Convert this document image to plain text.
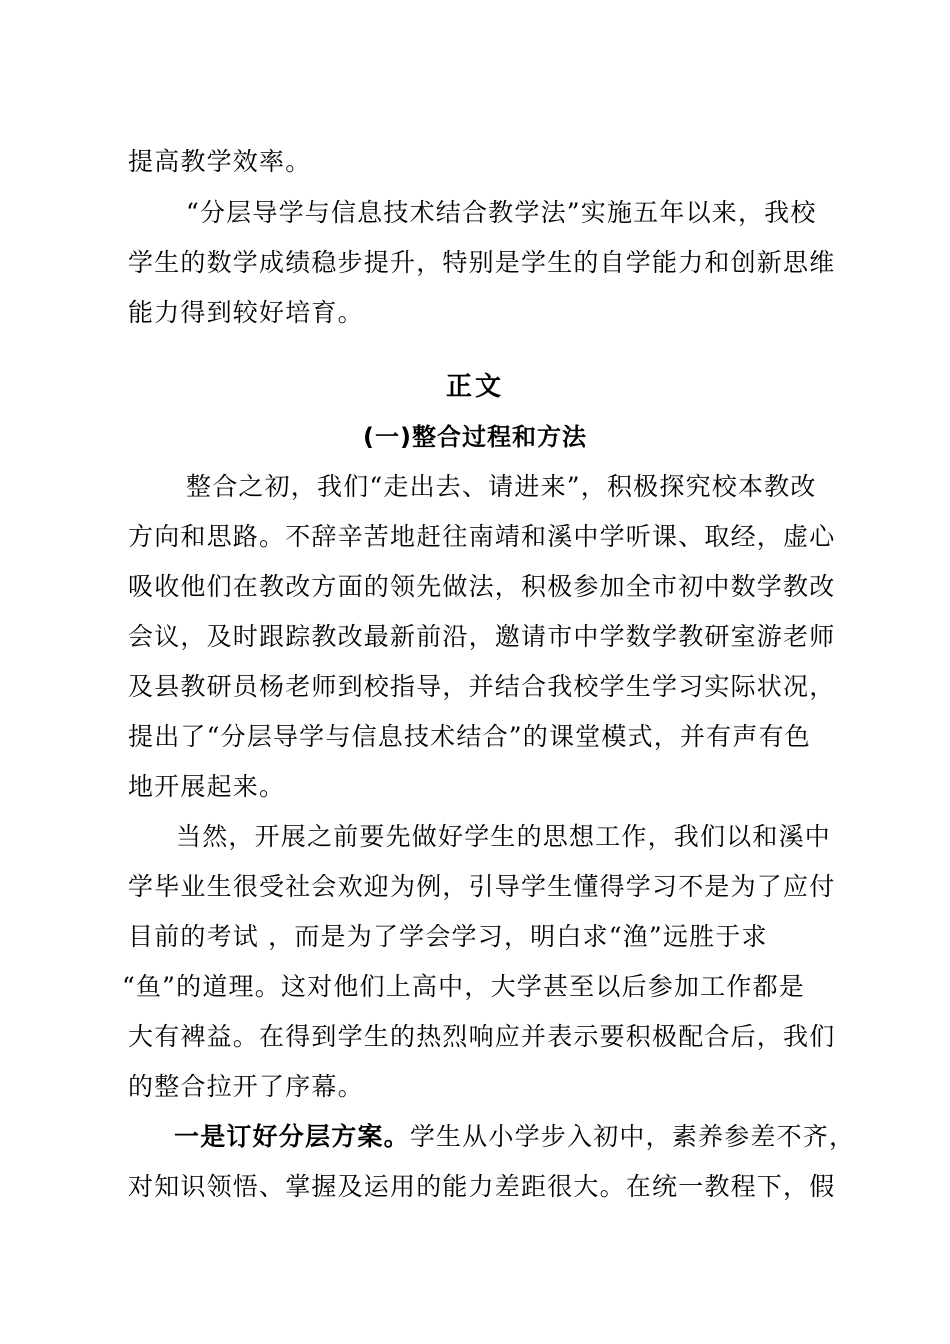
提高教学效率。
“分层导学与信息技术结合教学法”实施五年以来，我校
学生的数学成绩稳步提升，特别是学生的自学能力和创新思维
能力得到较好培育。
正文
(一)整合过程和方法
整合之初，我们“走出去、请进来”，积极探究校本教改
方向和思路。不辞辛苦地赶往南靖和溪中学听课、取经，虚心
吸收他们在教改方面的领先做法，积极参加全市初中数学教改
会议，及时跟踪教改最新前沿，邀请市中学数学教研室游老师
及县教研员杨老师到校指导，并结合我校学生学习实际状况，
提出了“分层导学与信息技术结合”的课堂模式，并有声有色
地开展起来。
当然，开展之前要先做好学生的思想工作，我们以和溪中
学毕业生很受社会欢迎为例，引导学生懂得学习不是为了应付
目前的考试 ，而是为了学会学习，明白求“渔”远胜于求
“鱼”的道理。这对他们上高中，大学甚至以后参加工作都是
大有裨益。在得到学生的热烈响应并表示要积极配合后，我们
的整合拉开了序幕。
一是订好分层方案。学生从小学步入初中，素养参差不齐，
对知识领悟、掌握及运用的能力差距很大。在统一教程下，假
